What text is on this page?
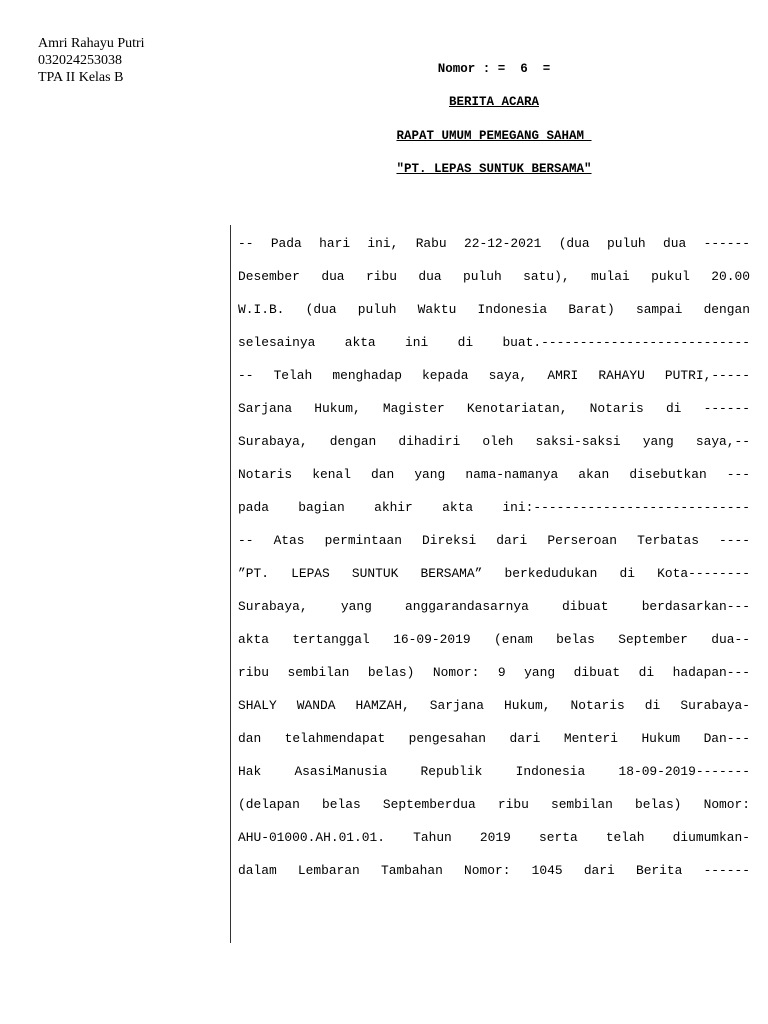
Amri Rahayu Putri
032024253038
TPA II Kelas B
Nomor : =  6  =
BERITA ACARA
RAPAT UMUM PEMEGANG SAHAM
"PT. LEPAS SUNTUK BERSAMA"
-- Pada hari ini, Rabu 22-12-2021 (dua puluh dua ------
Desember dua ribu dua puluh satu), mulai pukul 20.00
W.I.B. (dua puluh Waktu Indonesia Barat) sampai dengan
selesainya akta ini di buat.---------------------------
-- Telah menghadap kepada saya, AMRI RAHAYU PUTRI,-----
Sarjana Hukum, Magister Kenotariatan, Notaris di ------
Surabaya, dengan dihadiri oleh saksi-saksi yang saya,--
Notaris kenal dan yang nama-namanya akan disebutkan ---
pada bagian akhir akta ini:----------------------------
-- Atas permintaan Direksi dari Perseroan Terbatas ----
”PT. LEPAS SUNTUK BERSAMA” berkedudukan di Kota--------
Surabaya, yang anggarandasarnya dibuat berdasarkan---
akta tertanggal 16-09-2019 (enam belas September dua--
ribu sembilan belas) Nomor: 9 yang dibuat di hadapan---
SHALY WANDA HAMZAH, Sarjana Hukum, Notaris di Surabaya-
dan telahmendapat pengesahan dari Menteri Hukum Dan---
Hak AsasiManusia Republik Indonesia 18-09-2019-------
(delapan belas Septemberdua ribu sembilan belas) Nomor:
AHU-01000.AH.01.01. Tahun 2019 serta telah diumumkan-
dalam Lembaran Tambahan Nomor: 1045 dari Berita ------
